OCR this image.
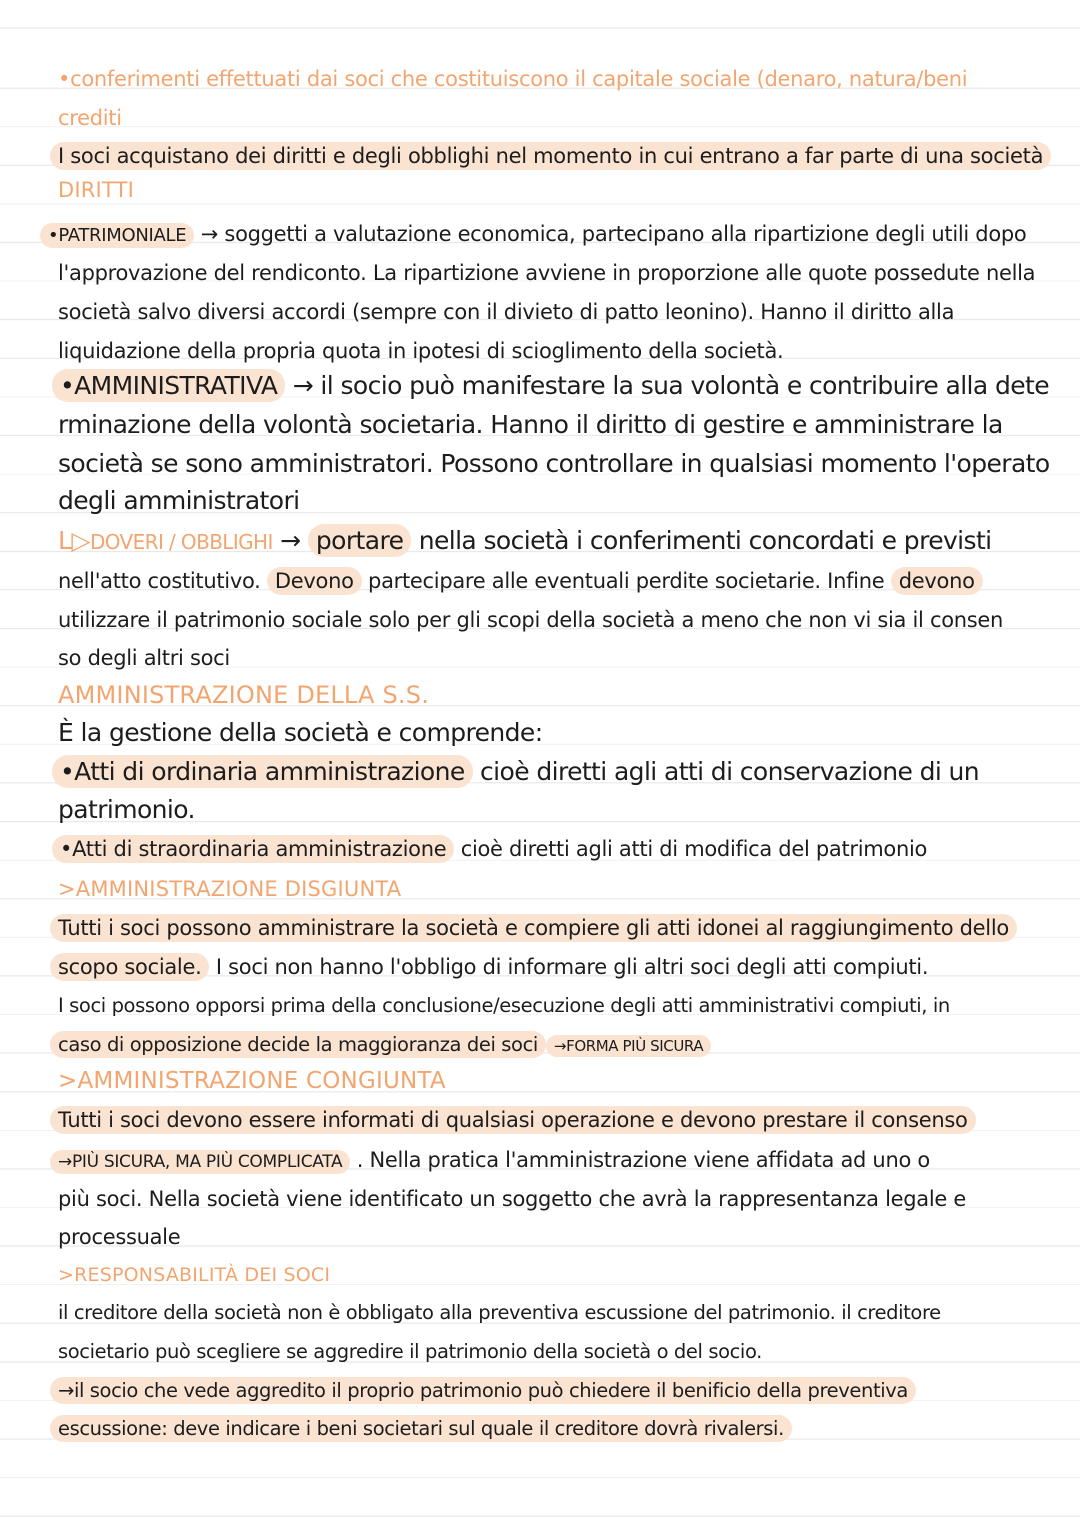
•conferimenti effettuati dai soci che costituiscono il capitale sociale (denaro, natura/beni
crediti
I soci acquistano dei diritti e degli obblighi nel momento in cui entrano a far parte di una società
DIRITTI
•PATRIMONIALE → soggetti a valutazione economica, partecipano alla ripartizione degli utili dopo
l'approvazione del rendiconto. La ripartizione avviene in proporzione alle quote possedute nella
società salvo diversi accordi (sempre con il divieto di patto leonino). Hanno il diritto alla
liquidazione della propria quota in ipotesi di scioglimento della società.
•AMMINISTRATIVA → il socio può manifestare la sua volontà e contribuire alla dete
rminazione della volontà societaria. Hanno il diritto di gestire e amministrare la
società se sono amministratori. Possono controllare in qualsiasi momento l'operato
degli amministratori
L▷DOVERI / OBBLIGHI → portare nella società i conferimenti concordati e previsti
nell'atto costitutivo. Devono partecipare alle eventuali perdite societarie. Infine devono
utilizzare il patrimonio sociale solo per gli scopi della società a meno che non vi sia il consen
so degli altri soci
AMMINISTRAZIONE DELLA S.S.
È la gestione della società e comprende:
•Atti di ordinaria amministrazione cioè diretti agli atti di conservazione di un
patrimonio.
•Atti di straordinaria amministrazione cioè diretti agli atti di modifica del patrimonio
>AMMINISTRAZIONE DISGIUNTA
Tutti i soci possono amministrare la società e compiere gli atti idonei al raggiungimento dello
scopo sociale. I soci non hanno l'obbligo di informare gli altri soci degli atti compiuti.
I soci possono opporsi prima della conclusione/esecuzione degli atti amministrativi compiuti, in
caso di opposizione decide la maggioranza dei soci →FORMA PIÙ SICURA
>AMMINISTRAZIONE CONGIUNTA
Tutti i soci devono essere informati di qualsiasi operazione e devono prestare il consenso
→PIÙ SICURA, MA PIÙ COMPLICATA . Nella pratica l'amministrazione viene affidata ad uno o
più soci. Nella società viene identificato un soggetto che avrà la rappresentanza legale e
processuale
>RESPONSABILITÀ DEI SOCI
il creditore della società non è obbligato alla preventiva escussione del patrimonio. il creditore
societario può scegliere se aggredire il patrimonio della società o del socio.
→il socio che vede aggredito il proprio patrimonio può chiedere il benificio della preventiva
escussione: deve indicare i beni societari sul quale il creditore dovrà rivalersi.
